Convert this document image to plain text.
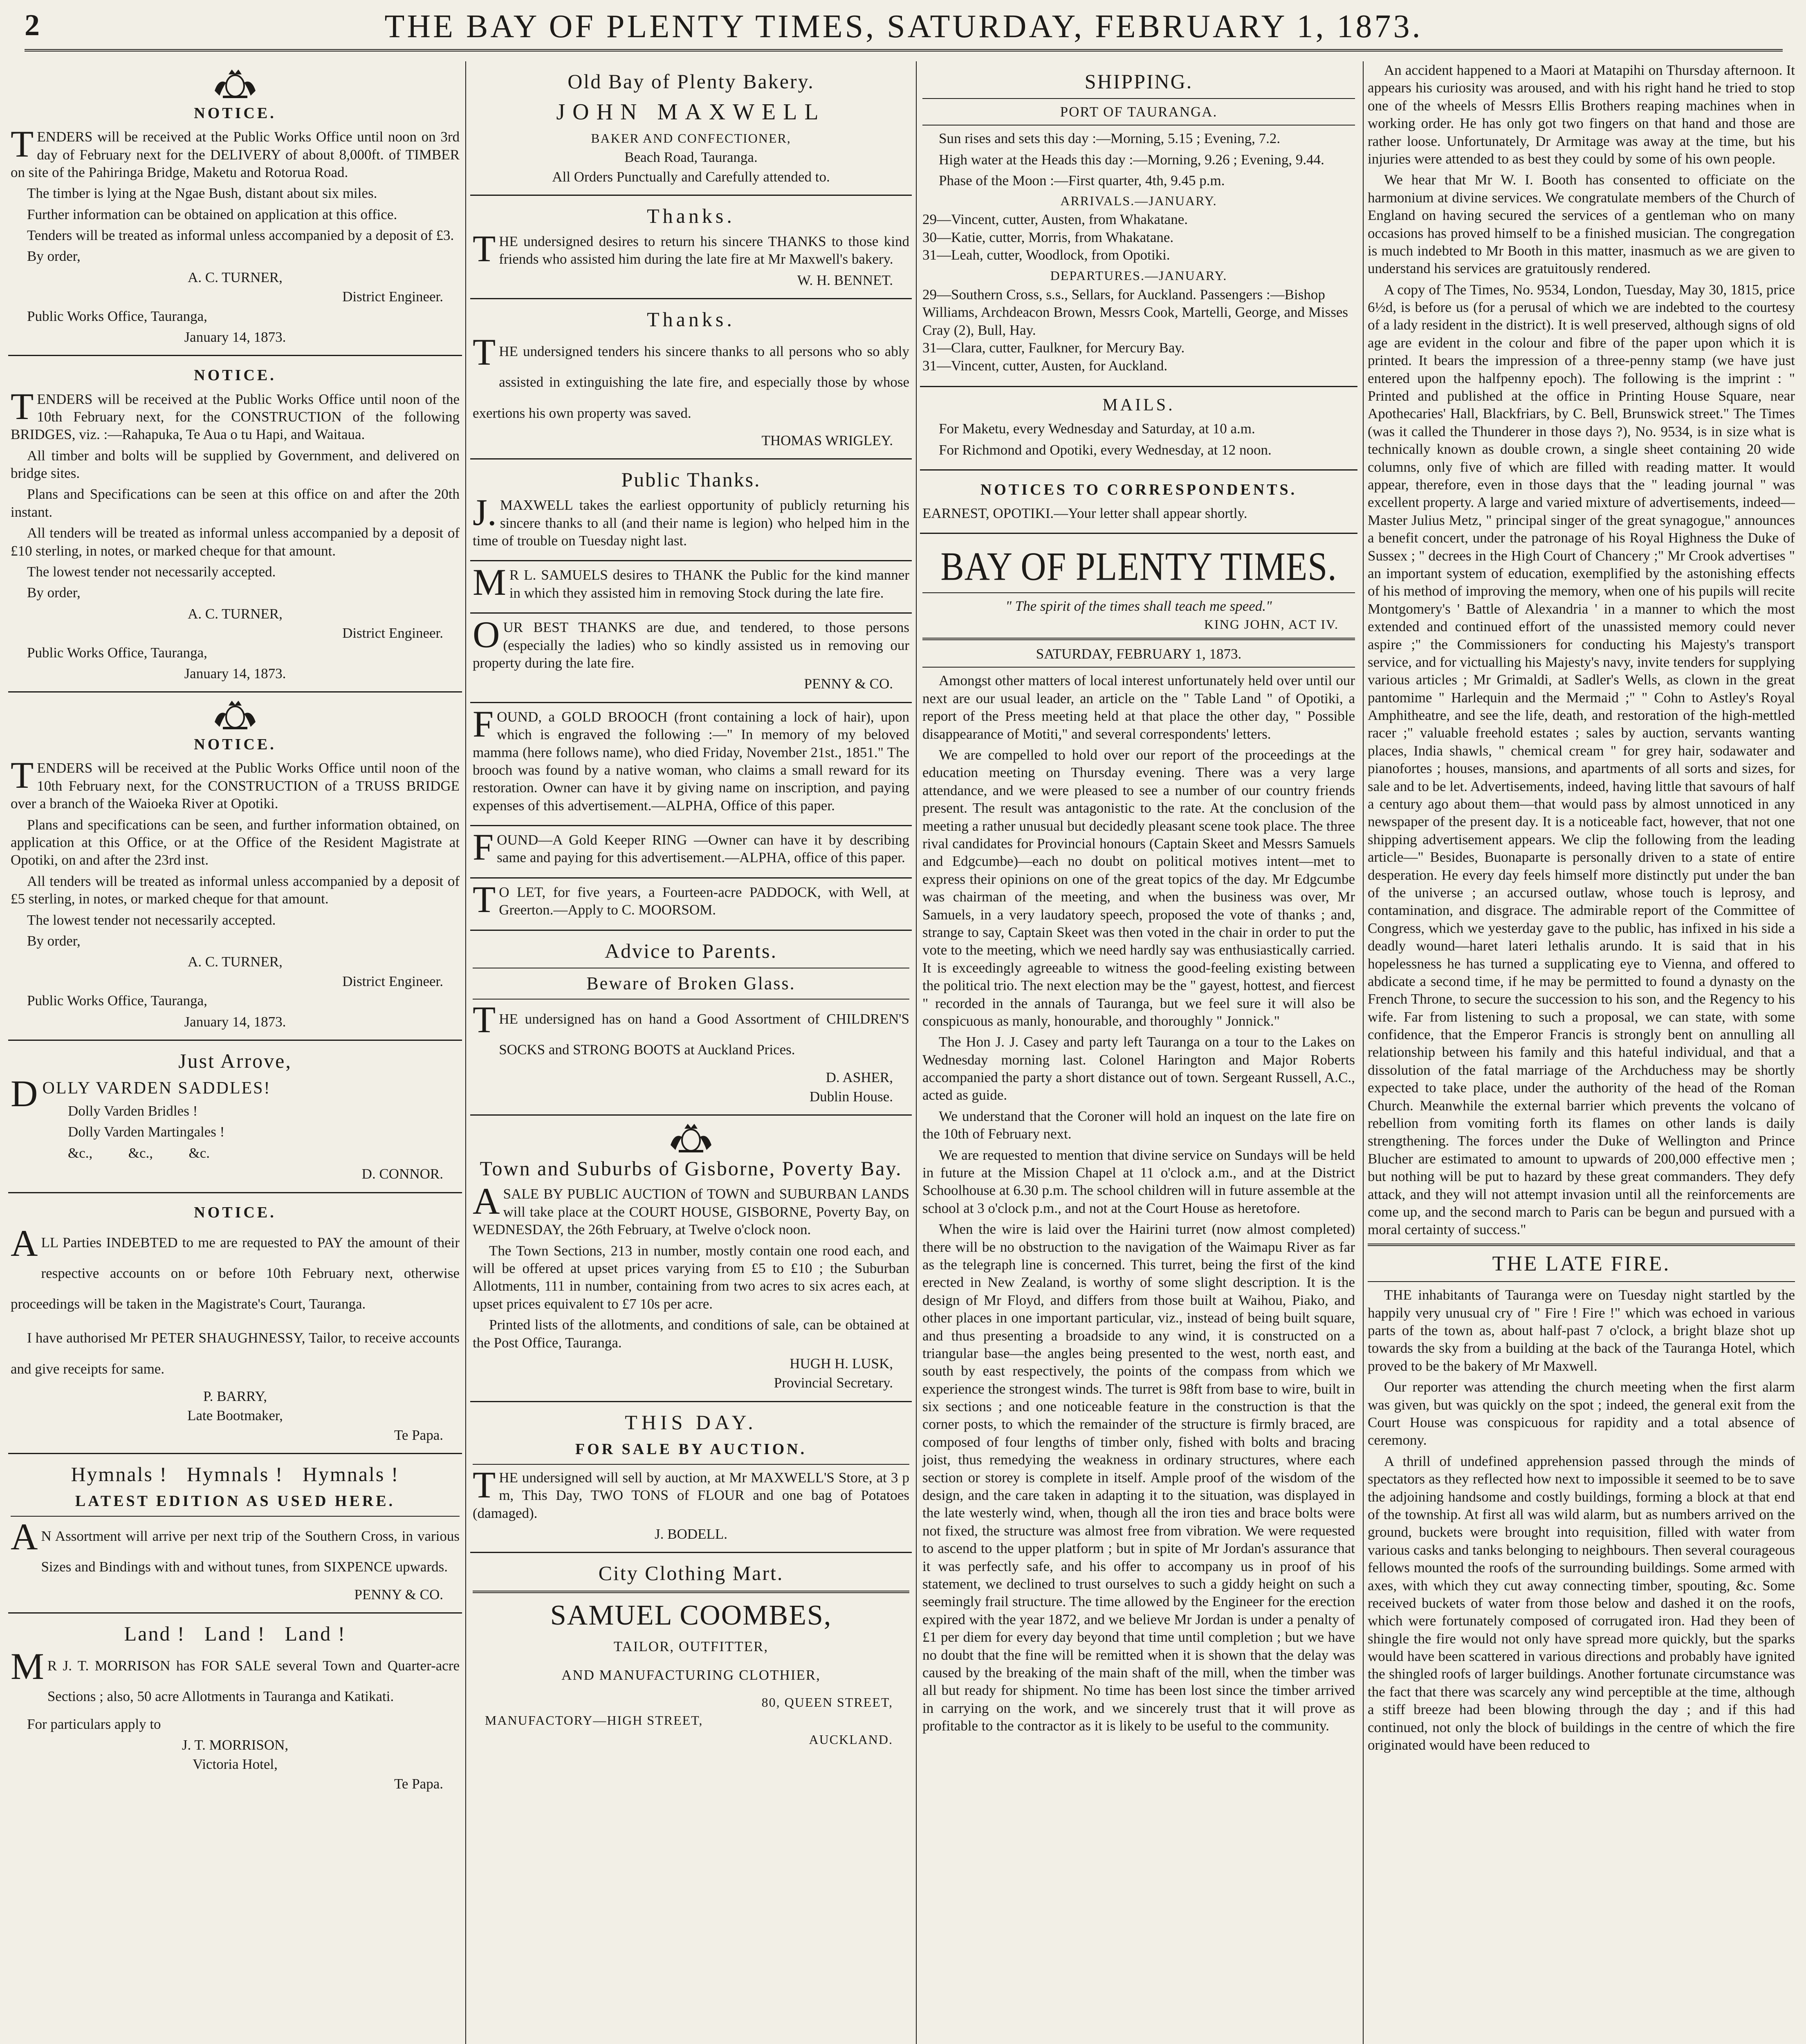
2	THE BAY OF PLENTY TIMES, SATURDAY, FEBRUARY 1, 1873.
NOTICE.

TENDERS will be received at the Public Works Office until noon on 3rd day of February next for the DELIVERY of about 8,000ft. of TIMBER on site of the Pahiringa Bridge, Maketu and Rotorua Road.

The timber is lying at the Ngae Bush, distant about six miles.

Further information can be obtained on application at this office.

Tenders will be treated as informal unless accompanied by a deposit of £3.

By order,

A. C. TURNER,

District Engineer.

Public Works Office, Tauranga,

January 14, 1873.

NOTICE.

TENDERS will be received at the Public Works Office until noon of the 10th February next, for the CONSTRUCTION of the following BRIDGES, viz. :—Rahapuka, Te Aua o tu Hapi, and Waitaua.

All timber and bolts will be supplied by Government, and delivered on bridge sites.

Plans and Specifications can be seen at this office on and after the 20th instant.

All tenders will be treated as informal unless accompanied by a deposit of £10 sterling, in notes, or marked cheque for that amount.

The lowest tender not necessarily accepted.

By order,

A. C. TURNER,

District Engineer.

Public Works Office, Tauranga,

January 14, 1873.

NOTICE.

TENDERS will be received at the Public Works Office until noon of the 10th February next, for the CONSTRUCTION of a TRUSS BRIDGE over a branch of the Waioeka River at Opotiki.

Plans and specifications can be seen, and further information obtained, on application at this Office, or at the Office of the Resident Magistrate at Opotiki, on and after the 23rd inst.

All tenders will be treated as informal unless accompanied by a deposit of £5 sterling, in notes, or marked cheque for that amount.

The lowest tender not necessarily accepted.

By order,

A. C. TURNER,

District Engineer.

Public Works Office, Tauranga,

January 14, 1873.

Just Arrove,

DOLLY VARDEN SADDLES!

Dolly Varden Bridles !

Dolly Varden Martingales !

&c.,          &c.,          &c.

D. CONNOR.

NOTICE.

ALL Parties INDEBTED to me are requested to PAY the amount of their respective accounts on or before 10th February next, otherwise proceedings will be taken in the Magistrate's Court, Tauranga.

I have authorised Mr PETER SHAUGHNESSY, Tailor, to receive accounts and give receipts for same.

P. BARRY,

Late Bootmaker,

Te Papa.

Hymnals !   Hymnals !   Hymnals !
LATEST EDITION AS USED HERE.

AN Assortment will arrive per next trip of the Southern Cross, in various Sizes and Bindings with and without tunes, from SIXPENCE upwards.

PENNY & CO.

Land !   Land !   Land !

MR J. T. MORRISON has FOR SALE several Town and Quarter-acre Sections ; also, 50 acre Allotments in Tauranga and Katikati.

For particulars apply to

J. T. MORRISON,

Victoria Hotel,

Te Papa.

Old Bay of Plenty Bakery.
JOHN MAXWELL

BAKER AND CONFECTIONER,

Beach Road, Tauranga.

All Orders Punctually and Carefully attended to.

Thanks.

THE undersigned desires to return his sincere THANKS to those kind friends who assisted him during the late fire at Mr Maxwell's bakery.

W. H. BENNET.

Thanks.

THE undersigned tenders his sincere thanks to all persons who so ably assisted in extinguishing the late fire, and especially those by whose exertions his own property was saved.

THOMAS WRIGLEY.

Public Thanks.

J.MAXWELL takes the earliest opportunity of publicly returning his sincere thanks to all (and their name is legion) who helped him in the time of trouble on Tuesday night last.

MR L. SAMUELS desires to THANK the Public for the kind manner in which they assisted him in removing Stock during the late fire.

OUR BEST THANKS are due, and tendered, to those persons (especially the ladies) who so kindly assisted us in removing our property during the late fire.

PENNY & CO.

FOUND, a GOLD BROOCH (front containing a lock of hair), upon which is engraved the following :—" In memory of my beloved mamma (here follows name), who died Friday, November 21st., 1851." The brooch was found by a native woman, who claims a small reward for its restoration. Owner can have it by giving name on inscription, and paying expenses of this advertisement.—ALPHA, Office of this paper.

FOUND—A Gold Keeper RING —Owner can have it by describing same and paying for this advertisement.—ALPHA, office of this paper.

TO LET, for five years, a Fourteen-acre PADDOCK, with Well, at Greerton.—Apply to C. MOORSOM.

Advice to Parents.
Beware of Broken Glass.

THE undersigned has on hand a Good Assortment of CHILDREN'S SOCKS and STRONG BOOTS at Auckland Prices.

D. ASHER,

Dublin House.

Town and Suburbs of Gisborne, Poverty Bay.

ASALE BY PUBLIC AUCTION of TOWN and SUBURBAN LANDS will take place at the COURT HOUSE, GISBORNE, Poverty Bay, on WEDNESDAY, the 26th February, at Twelve o'clock noon.

The Town Sections, 213 in number, mostly contain one rood each, and will be offered at upset prices varying from £5 to £10 ; the Suburban Allotments, 111 in number, containing from two acres to six acres each, at upset prices equivalent to £7 10s per acre.

Printed lists of the allotments, and conditions of sale, can be obtained at the Post Office, Tauranga.

HUGH H. LUSK,

Provincial Secretary.

THIS DAY.
FOR SALE BY AUCTION.

THE undersigned will sell by auction, at Mr MAXWELL'S Store, at 3 p m, This Day, TWO TONS of FLOUR and one bag of Potatoes (damaged).

J. BODELL.

City Clothing Mart.
SAMUEL COOMBES,

TAILOR, OUTFITTER,

AND MANUFACTURING CLOTHIER,

80, QUEEN STREET,

MANUFACTORY—HIGH STREET,

AUCKLAND.

SHIPPING.

PORT OF TAURANGA.

Sun rises and sets this day :—Morning, 5.15 ; Evening, 7.2.

High water at the Heads this day :—Morning, 9.26 ; Evening, 9.44.

Phase of the Moon :—First quarter, 4th, 9.45 p.m.

ARRIVALS.—JANUARY.

29—Vincent, cutter, Austen, from Whakatane.
30—Katie, cutter, Morris, from Whakatane.
31—Leah, cutter, Woodlock, from Opotiki.

DEPARTURES.—JANUARY.

29—Southern Cross, s.s., Sellars, for Auckland. Passengers :—Bishop Williams, Archdeacon Brown, Messrs Cook, Martelli, George, and Misses Cray (2), Bull, Hay.
31—Clara, cutter, Faulkner, for Mercury Bay.
31—Vincent, cutter, Austen, for Auckland.
MAILS.

For Maketu, every Wednesday and Saturday, at 10 a.m.

For Richmond and Opotiki, every Wednesday, at 12 noon.

NOTICES TO CORRESPONDENTS.

EARNEST, OPOTIKI.—Your letter shall appear shortly.

BAY OF PLENTY TIMES.

" The spirit of the times shall teach me speed."

KING JOHN, ACT IV.

SATURDAY, FEBRUARY 1, 1873.

Amongst other matters of local interest unfortunately held over until our next are our usual leader, an article on the " Table Land " of Opotiki, a report of the Press meeting held at that place the other day, " Possible disappearance of Motiti," and several correspondents' letters.

We are compelled to hold over our report of the proceedings at the education meeting on Thursday evening. There was a very large attendance, and we were pleased to see a number of our country friends present. The result was antagonistic to the rate. At the conclusion of the meeting a rather unusual but decidedly pleasant scene took place. The three rival candidates for Provincial honours (Captain Skeet and Messrs Samuels and Edgcumbe)—each no doubt on political motives intent—met to express their opinions on one of the great topics of the day. Mr Edgcumbe was chairman of the meeting, and when the business was over, Mr Samuels, in a very laudatory speech, proposed the vote of thanks ; and, strange to say, Captain Skeet was then voted in the chair in order to put the vote to the meeting, which we need hardly say was enthusiastically carried. It is exceedingly agreeable to witness the good-feeling existing between the political trio. The next election may be the " gayest, hottest, and fiercest " recorded in the annals of Tauranga, but we feel sure it will also be conspicuous as manly, honourable, and thoroughly " Jonnick."

The Hon J. J. Casey and party left Tauranga on a tour to the Lakes on Wednesday morning last. Colonel Harington and Major Roberts accompanied the party a short distance out of town. Sergeant Russell, A.C., acted as guide.

We understand that the Coroner will hold an inquest on the late fire on the 10th of February next.

We are requested to mention that divine service on Sundays will be held in future at the Mission Chapel at 11 o'clock a.m., and at the District Schoolhouse at 6.30 p.m. The school children will in future assemble at the school at 3 o'clock p.m., and not at the Court House as heretofore.

When the wire is laid over the Hairini turret (now almost completed) there will be no obstruction to the navigation of the Waimapu River as far as the telegraph line is concerned. This turret, being the first of the kind erected in New Zealand, is worthy of some slight description. It is the design of Mr Floyd, and differs from those built at Waihou, Piako, and other places in one important particular, viz., instead of being built square, and thus presenting a broadside to any wind, it is constructed on a triangular base—the angles being presented to the west, north east, and south by east respectively, the points of the compass from which we experience the strongest winds. The turret is 98ft from base to wire, built in six sections ; and one noticeable feature in the construction is that the corner posts, to which the remainder of the structure is firmly braced, are composed of four lengths of timber only, fished with bolts and bracing joist, thus remedying the weakness in ordinary structures, where each section or storey is complete in itself. Ample proof of the wisdom of the design, and the care taken in adapting it to the situation, was displayed in the late westerly wind, when, though all the iron ties and brace bolts were not fixed, the structure was almost free from vibration. We were requested to ascend to the upper platform ; but in spite of Mr Jordan's assurance that it was perfectly safe, and his offer to accompany us in proof of his statement, we declined to trust ourselves to such a giddy height on such a seemingly frail structure. The time allowed by the Engineer for the erection expired with the year 1872, and we believe Mr Jordan is under a penalty of £1 per diem for every day beyond that time until completion ; but we have no doubt that the fine will be remitted when it is shown that the delay was caused by the breaking of the main shaft of the mill, when the timber was all but ready for shipment. No time has been lost since the timber arrived in carrying on the work, and we sincerely trust that it will prove as profitable to the contractor as it is likely to be useful to the community.

An accident happened to a Maori at Matapihi on Thursday afternoon. It appears his curiosity was aroused, and with his right hand he tried to stop one of the wheels of Messrs Ellis Brothers reaping machines when in working order. He has only got two fingers on that hand and those are rather loose. Unfortunately, Dr Armitage was away at the time, but his injuries were attended to as best they could by some of his own people.

We hear that Mr W. I. Booth has consented to officiate on the harmonium at divine services. We congratulate members of the Church of England on having secured the services of a gentleman who on many occasions has proved himself to be a finished musician. The congregation is much indebted to Mr Booth in this matter, inasmuch as we are given to understand his services are gratuitously rendered.

A copy of The Times, No. 9534, London, Tuesday, May 30, 1815, price 6½d, is before us (for a perusal of which we are indebted to the courtesy of a lady resident in the district). It is well preserved, although signs of old age are evident in the colour and fibre of the paper upon which it is printed. It bears the impression of a three-penny stamp (we have just entered upon the halfpenny epoch). The following is the imprint : " Printed and published at the office in Printing House Square, near Apothecaries' Hall, Blackfriars, by C. Bell, Brunswick street." The Times (was it called the Thunderer in those days ?), No. 9534, is in size what is technically known as double crown, a single sheet containing 20 wide columns, only five of which are filled with reading matter. It would appear, therefore, even in those days that the " leading journal " was excellent property. A large and varied mixture of advertisements, indeed—Master Julius Metz, " principal singer of the great synagogue," announces a benefit concert, under the patronage of his Royal Highness the Duke of Sussex ; " decrees in the High Court of Chancery ;" Mr Crook advertises " an important system of education, exemplified by the astonishing effects of his method of improving the memory, when one of his pupils will recite Montgomery's ' Battle of Alexandria ' in a manner to which the most extended and continued effort of the unassisted memory could never aspire ;" the Commissioners for conducting his Majesty's transport service, and for victualling his Majesty's navy, invite tenders for supplying various articles ; Mr Grimaldi, at Sadler's Wells, as clown in the great pantomime " Harlequin and the Mermaid ;" " Cohn to Astley's Royal Amphitheatre, and see the life, death, and restoration of the high-mettled racer ;" valuable freehold estates ; sales by auction, servants wanting places, India shawls, " chemical cream " for grey hair, sodawater and pianofortes ; houses, mansions, and apartments of all sorts and sizes, for sale and to be let. Advertisements, indeed, having little that savours of half a century ago about them—that would pass by almost unnoticed in any newspaper of the present day. It is a noticeable fact, however, that not one shipping advertisement appears. We clip the following from the leading article—" Besides, Buonaparte is personally driven to a state of entire desperation. He every day feels himself more distinctly put under the ban of the universe ; an accursed outlaw, whose touch is leprosy, and contamination, and disgrace. The admirable report of the Committee of Congress, which we yesterday gave to the public, has infixed in his side a deadly wound—haret lateri lethalis arundo. It is said that in his hopelessness he has turned a supplicating eye to Vienna, and offered to abdicate a second time, if he may be permitted to found a dynasty on the French Throne, to secure the succession to his son, and the Regency to his wife. Far from listening to such a proposal, we can state, with some confidence, that the Emperor Francis is strongly bent on annulling all relationship between his family and this hateful individual, and that a dissolution of the fatal marriage of the Archduchess may be shortly expected to take place, under the authority of the head of the Roman Church. Meanwhile the external barrier which prevents the volcano of rebellion from vomiting forth its flames on other lands is daily strengthening. The forces under the Duke of Wellington and Prince Blucher are estimated to amount to upwards of 200,000 effective men ; but nothing will be put to hazard by these great commanders. They defy attack, and they will not attempt invasion until all the reinforcements are come up, and the second march to Paris can be begun and pursued with a moral certainty of success."

THE LATE FIRE.

THE inhabitants of Tauranga were on Tuesday night startled by the happily very unusual cry of " Fire ! Fire !" which was echoed in various parts of the town as, about half-past 7 o'clock, a bright blaze shot up towards the sky from a building at the back of the Tauranga Hotel, which proved to be the bakery of Mr Maxwell.

Our reporter was attending the church meeting when the first alarm was given, but was quickly on the spot ; indeed, the general exit from the Court House was conspicuous for rapidity and a total absence of ceremony.

A thrill of undefined apprehension passed through the minds of spectators as they reflected how next to impossible it seemed to be to save the adjoining handsome and costly buildings, forming a block at that end of the township. At first all was wild alarm, but as numbers arrived on the ground, buckets were brought into requisition, filled with water from various casks and tanks belonging to neighbours. Then several courageous fellows mounted the roofs of the surrounding buildings. Some armed with axes, with which they cut away connecting timber, spouting, &c. Some received buckets of water from those below and dashed it on the roofs, which were fortunately composed of corrugated iron. Had they been of shingle the fire would not only have spread more quickly, but the sparks would have been scattered in various directions and probably have ignited the shingled roofs of larger buildings. Another fortunate circumstance was the fact that there was scarcely any wind perceptible at the time, although a stiff breeze had been blowing through the day ; and if this had continued, not only the block of buildings in the centre of which the fire originated would have been reduced to
